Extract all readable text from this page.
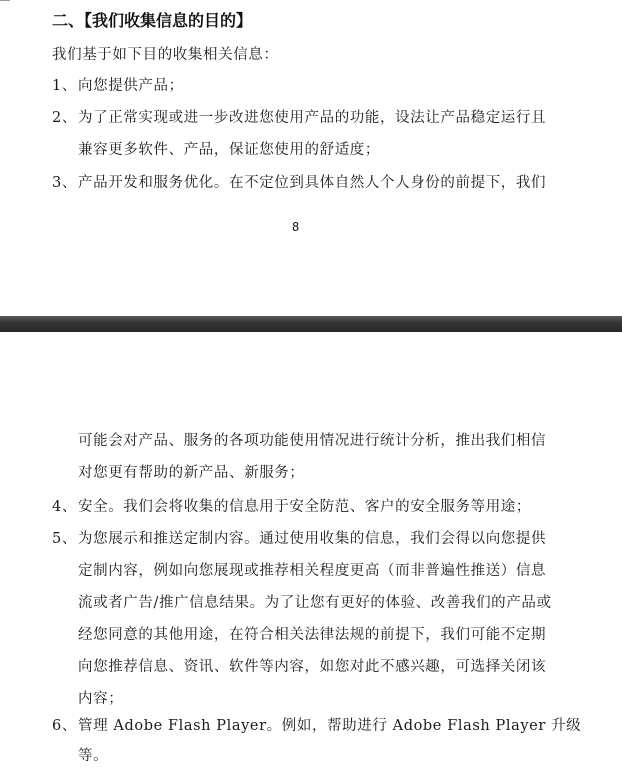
二、【我们收集信息的目的】
我们基于如下目的收集相关信息：
1、向您提供产品；
2、为了正常实现或进一步改进您使用产品的功能，设法让产品稳定运行且
兼容更多软件、产品，保证您使用的舒适度；
3、产品开发和服务优化。在不定位到具体自然人个人身份的前提下，我们
8
可能会对产品、服务的各项功能使用情况进行统计分析，推出我们相信
对您更有帮助的新产品、新服务；
4、安全。我们会将收集的信息用于安全防范、客户的安全服务等用途；
5、为您展示和推送定制内容。通过使用收集的信息，我们会得以向您提供
定制内容，例如向您展现或推荐相关程度更高（而非普遍性推送）信息
流或者广告/推广信息结果。为了让您有更好的体验、改善我们的产品或
经您同意的其他用途，在符合相关法律法规的前提下，我们可能不定期
向您推荐信息、资讯、软件等内容，如您对此不感兴趣，可选择关闭该
内容；
6、管理 Adobe Flash Player。例如，帮助进行 Adobe Flash Player 升级
等。
